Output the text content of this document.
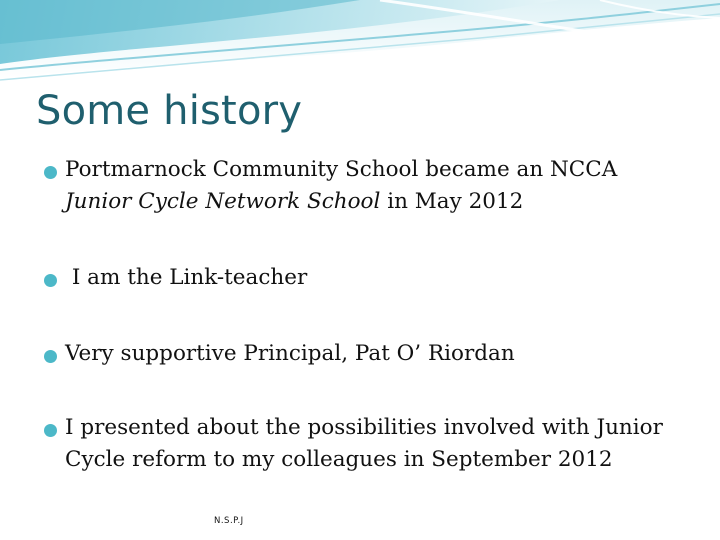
Some history
Portmarnock Community School became an NCCA Junior Cycle Network School in May 2012
I am the Link-teacher
Very supportive Principal, Pat O’ Riordan
I presented about the possibilities involved with Junior Cycle reform to my colleagues in September 2012
N.S.P.J
